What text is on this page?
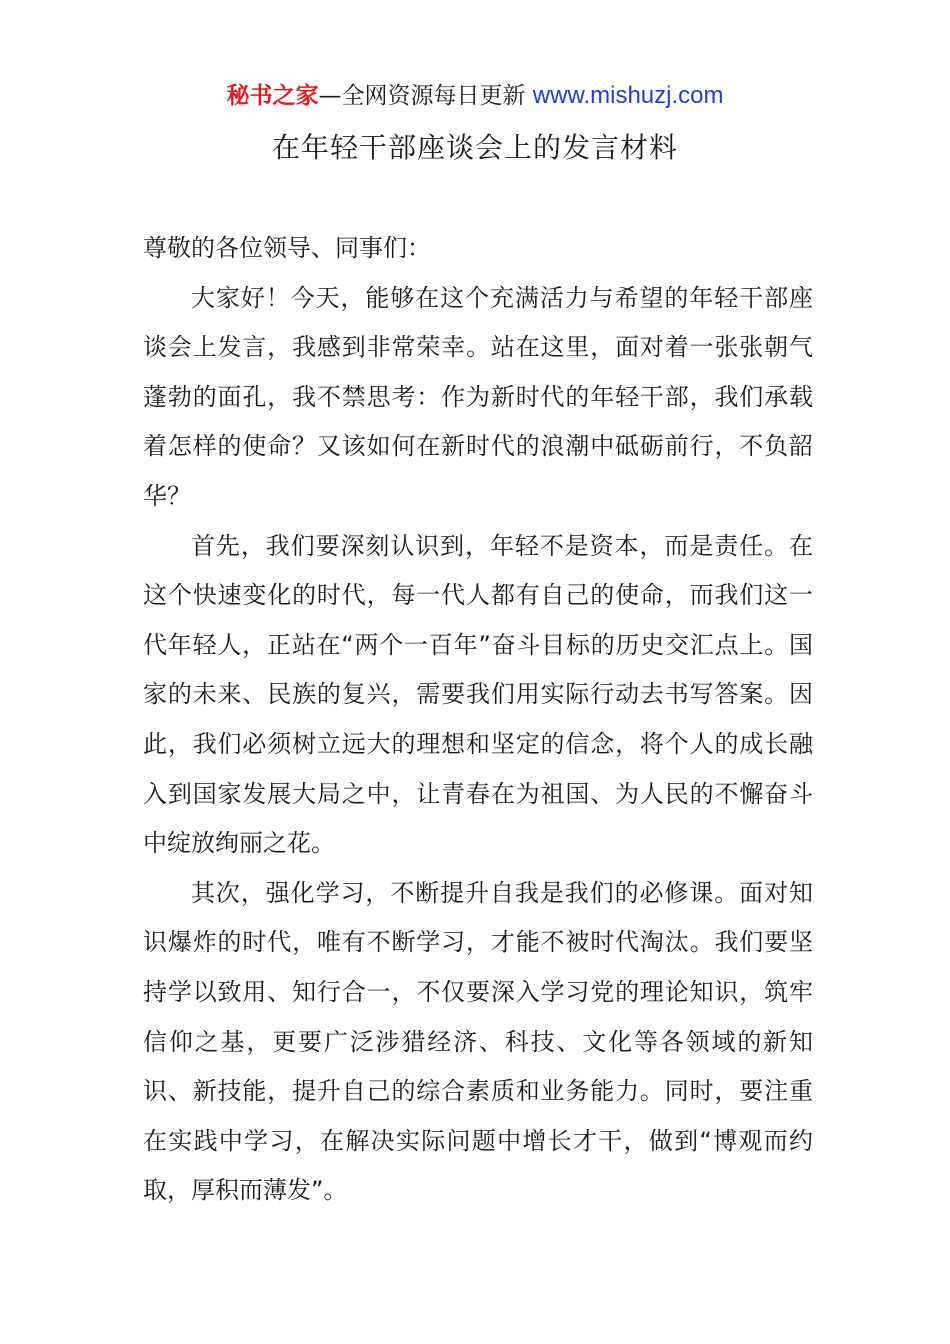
秘书之家—全网资源每日更新 www.mishuzj.com
在年轻干部座谈会上的发言材料

尊敬的各位领导、同事们：

大家好！今天，能够在这个充满活力与希望的年轻干部座谈会上发言，我感到非常荣幸。站在这里，面对着一张张朝气蓬勃的面孔，我不禁思考：作为新时代的年轻干部，我们承载着怎样的使命？又该如何在新时代的浪潮中砥砺前行，不负韶华？

首先，我们要深刻认识到，年轻不是资本，而是责任。在这个快速变化的时代，每一代人都有自己的使命，而我们这一代年轻人，正站在“两个一百年”奋斗目标的历史交汇点上。国家的未来、民族的复兴，需要我们用实际行动去书写答案。因此，我们必须树立远大的理想和坚定的信念，将个人的成长融入到国家发展大局之中，让青春在为祖国、为人民的不懈奋斗中绽放绚丽之花。

其次，强化学习，不断提升自我是我们的必修课。面对知识爆炸的时代，唯有不断学习，才能不被时代淘汰。我们要坚持学以致用、知行合一，不仅要深入学习党的理论知识，筑牢信仰之基，更要广泛涉猎经济、科技、文化等各领域的新知识、新技能，提升自己的综合素质和业务能力。同时，要注重在实践中学习，在解决实际问题中增长才干，做到“博观而约取，厚积而薄发”。
